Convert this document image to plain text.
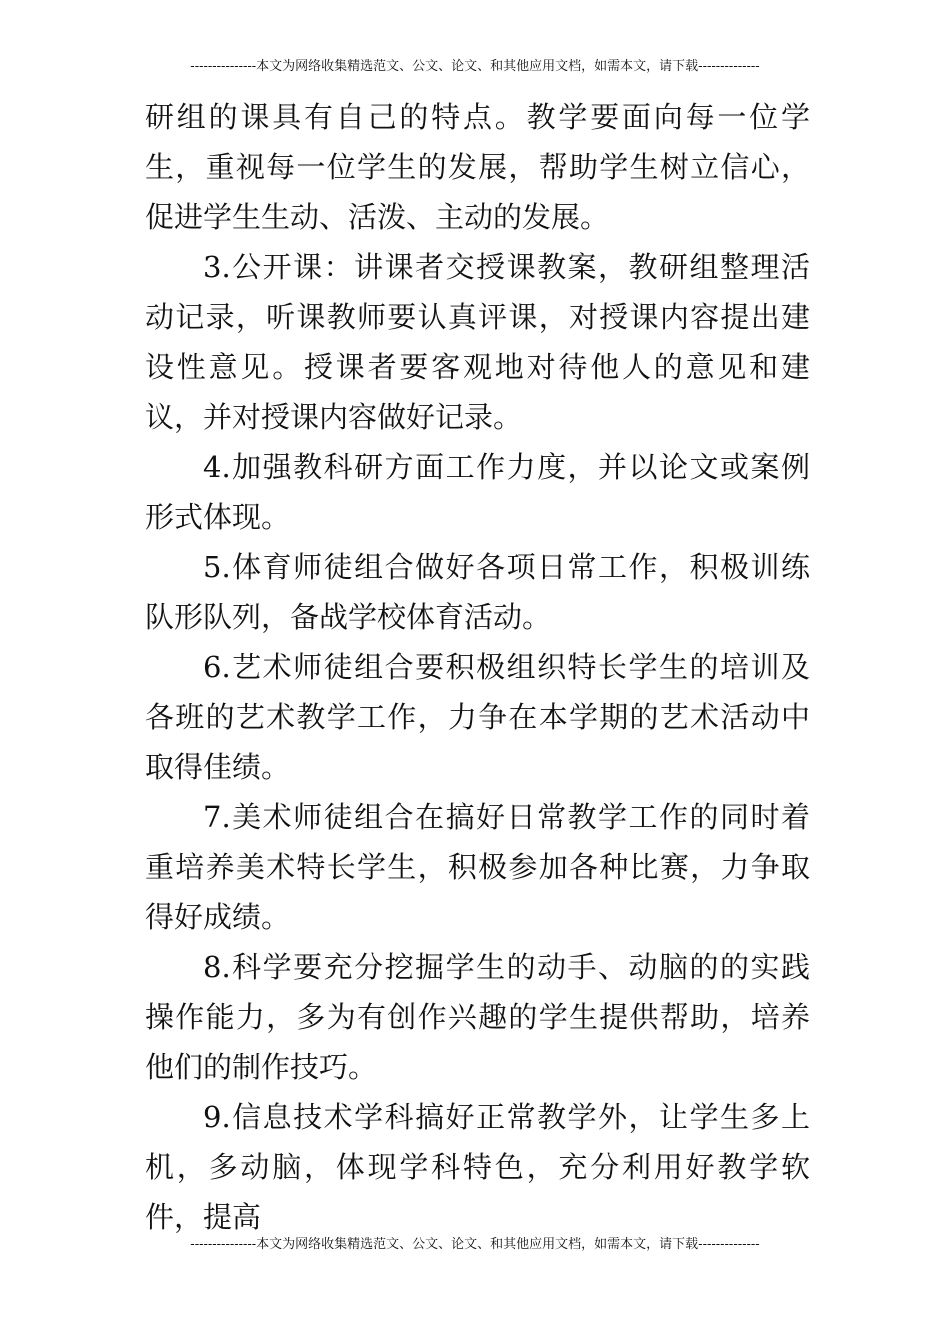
---------------本文为网络收集精选范文、公文、论文、和其他应用文档，如需本文，请下载--------------

研组的课具有自己的特点。教学要面向每一位学生，重视每一位学生的发展，帮助学生树立信心，促进学生生动、活泼、主动的发展。

3.公开课：讲课者交授课教案，教研组整理活动记录，听课教师要认真评课，对授课内容提出建设性意见。授课者要客观地对待他人的意见和建议，并对授课内容做好记录。

4.加强教科研方面工作力度，并以论文或案例形式体现。

5.体育师徒组合做好各项日常工作，积极训练队形队列，备战学校体育活动。

6.艺术师徒组合要积极组织特长学生的培训及各班的艺术教学工作，力争在本学期的艺术活动中取得佳绩。

7.美术师徒组合在搞好日常教学工作的同时着重培养美术特长学生，积极参加各种比赛，力争取得好成绩。

8.科学要充分挖掘学生的动手、动脑的的实践操作能力，多为有创作兴趣的学生提供帮助，培养他们的制作技巧。

9.信息技术学科搞好正常教学外，让学生多上机，多动脑，体现学科特色，充分利用好教学软件，提高

---------------本文为网络收集精选范文、公文、论文、和其他应用文档，如需本文，请下载--------------
